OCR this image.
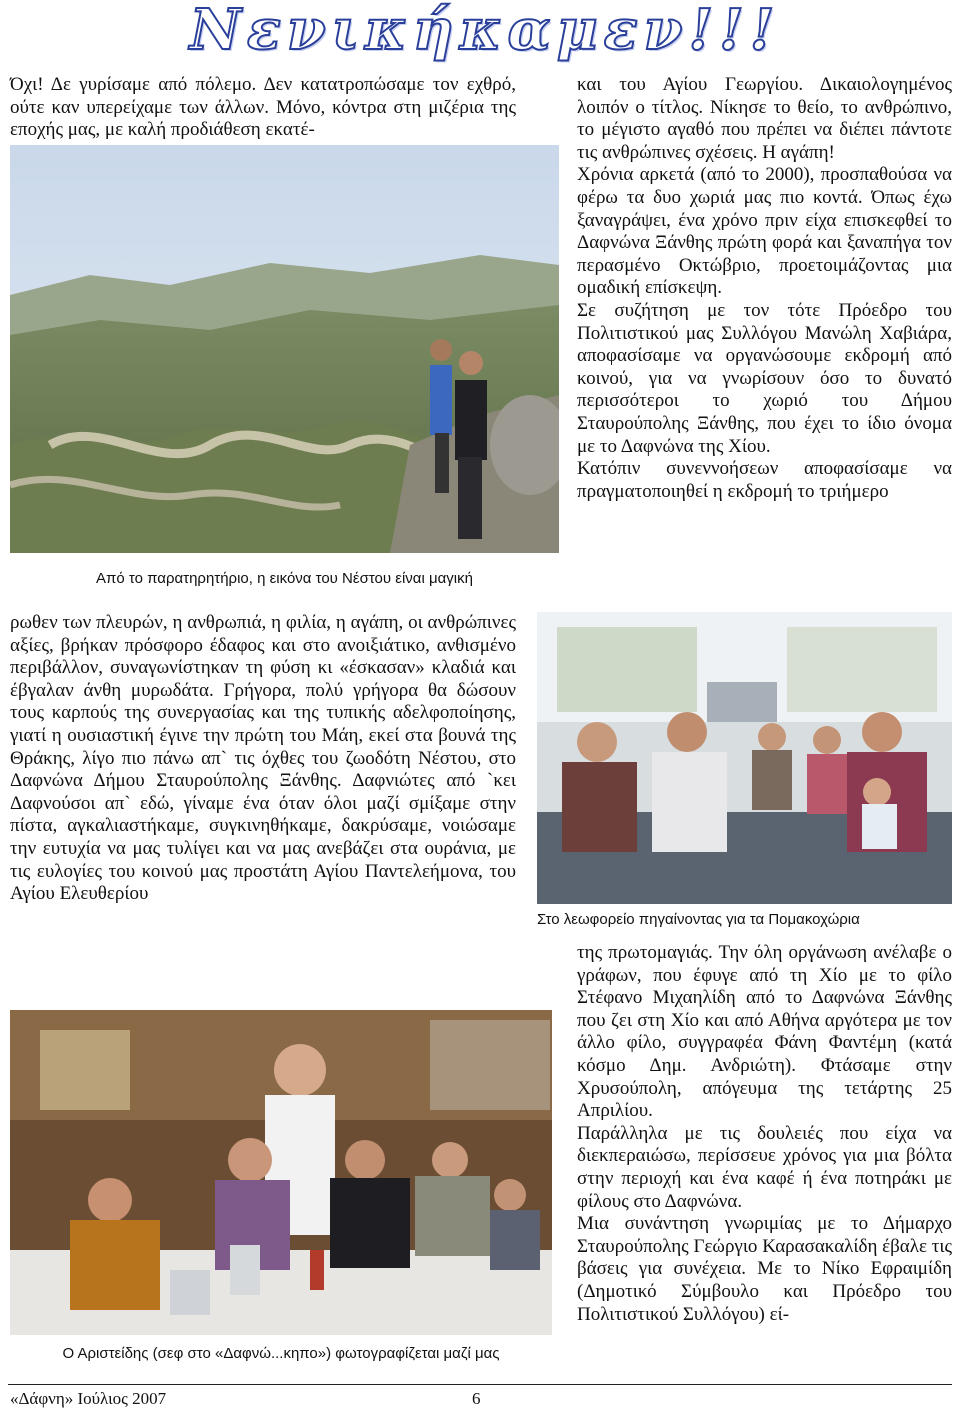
Νενικήκαμεν!!!

Όχι! Δε γυρίσαμε από πόλεμο. Δεν κατατροπώσαμε τον εχθρό, ούτε καν υπερείχαμε των άλλων. Μόνο, κόντρα στη μιζέρια της εποχής μας, με καλή προδιάθεση εκατέ-

Από το παρατηρητήριο, η εικόνα του Νέστου είναι μαγική

ρωθεν των πλευρών, η ανθρωπιά, η φιλία, η αγάπη, οι ανθρώπινες αξίες, βρήκαν πρόσφορο έδαφος και στο ανοιξιάτικο, ανθισμένο περιβάλλον, συναγωνίστηκαν τη φύση κι «έσκασαν» κλαδιά και έβγαλαν άνθη μυρωδάτα. Γρήγορα, πολύ γρήγορα θα δώσουν τους καρπούς της συνεργασίας και της τυπικής αδελφοποίησης, γιατί η ουσιαστική έγινε την πρώτη του Μάη, εκεί στα βουνά της Θράκης, λίγο πιο πάνω απ` τις όχθες του ζωοδότη Νέστου, στο Δαφνώνα Δήμου Σταυρούπολης Ξάνθης. Δαφνιώτες από `κει Δαφνούσοι απ` εδώ, γίναμε ένα όταν όλοι μαζί σμίξαμε στην πίστα, αγκαλιαστήκαμε, συγκινηθήκαμε, δακρύσαμε, νοιώσαμε την ευτυχία να μας τυλίγει και να μας ανεβάζει στα ουράνια, με τις ευλογίες του κοινού μας προστάτη Αγίου Παντελεήμονα, του Αγίου Ελευθερίου

Ο Αριστείδης (σεφ στο «Δαφνώ...κηπο») φωτογραφίζεται μαζί μας

και του Αγίου Γεωργίου. Δικαιολογημένος λοιπόν ο τίτλος. Νίκησε το θείο, το ανθρώπινο, το μέγιστο αγαθό που πρέπει να διέπει πάντοτε τις ανθρώπινες σχέσεις. Η αγάπη!

Χρόνια αρκετά (από το 2000), προσπαθούσα να φέρω τα δυο χωριά μας πιο κοντά. Όπως έχω ξαναγράψει, ένα χρόνο πριν είχα επισκεφθεί το Δαφνώνα Ξάνθης πρώτη φορά και ξαναπήγα τον περασμένο Οκτώβριο, προετοιμάζοντας μια ομαδική επίσκεψη.

Σε συζήτηση με τον τότε Πρόεδρο του Πολιτιστικού μας Συλλόγου Μανώλη Χαβιάρα, αποφασίσαμε να οργανώσουμε εκδρομή από κοινού, για να γνωρίσουν όσο το δυνατό περισσότεροι το χωριό του Δήμου Σταυρούπολης Ξάνθης, που έχει το ίδιο όνομα με το Δαφνώνα της Χίου.

Κατόπιν συνεννοήσεων αποφασίσαμε να πραγματοποιηθεί η εκδρομή το τριήμερο

Στο λεωφορείο πηγαίνοντας για τα Πομακοχώρια

της πρωτομαγιάς. Την όλη οργάνωση ανέλαβε ο γράφων, που έφυγε από τη Χίο με το φίλο Στέφανο Μιχαηλίδη από το Δαφνώνα Ξάνθης που ζει στη Χίο και από Αθήνα αργότερα με τον άλλο φίλο, συγγραφέα Φάνη Φαντέμη (κατά κόσμο Δημ. Ανδριώτη). Φτάσαμε στην Χρυσούπολη, απόγευμα της τετάρτης 25 Απριλίου.

Παράλληλα με τις δουλειές που είχα να διεκπεραιώσω, περίσσευε χρόνος για μια βόλτα στην περιοχή και ένα καφέ ή ένα ποτηράκι με φίλους στο Δαφνώνα.

Μια συνάντηση γνωριμίας με το Δήμαρχο Σταυρούπολης Γεώργιο Καρασακαλίδη έβαλε τις βάσεις για συνέχεια. Με το Νίκο Εφραιμίδη (Δημοτικό Σύμβουλο και Πρόεδρο του Πολιτιστικού Συλλόγου) εί-

«Δάφνη» Ιούλιος 2007	6
